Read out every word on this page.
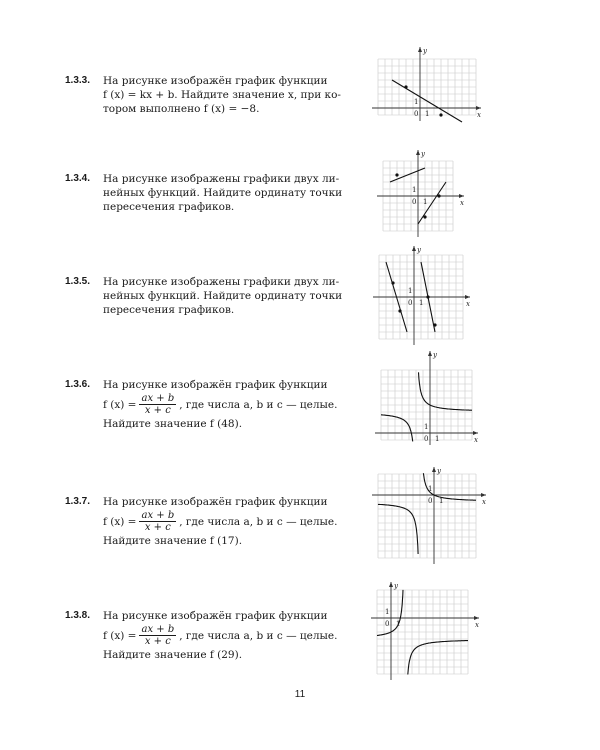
1.3.3. На рисунке изображён график функции
f (x) = kx + b. Найдите значение x, при ко-
тором выполнено f (x) = −8.	x
y
0 1
1
1.3.4. На рисунке изображены графики двух ли-
нейных функций. Найдите ординату точки
пересечения графиков.	x
y
0 1
1
1.3.5. На рисунке изображены графики двух ли-
нейных функций. Найдите ординату точки
пересечения графиков.	x
y
0 1
1
1.3.6. На рисунке изображён график функции
f $(x) = \frac{ax + b}{x + c}$ , где числа a, b и c — целые.
Найдите значение f (48).
x
y
0 1
1
1.3.7. На рисунке изображён график функции
f $(x) = \frac{ax + b}{x + c}$ , где числа a, b и c — целые.
Найдите значение f (17).
x
y
0 1
1
1.3.8. На рисунке изображён график функции
f $(x) = \frac{ax + b}{x + c}$ , где числа a, b и c — целые.
Найдите значение f (29).
x
y
0 1
1
11
